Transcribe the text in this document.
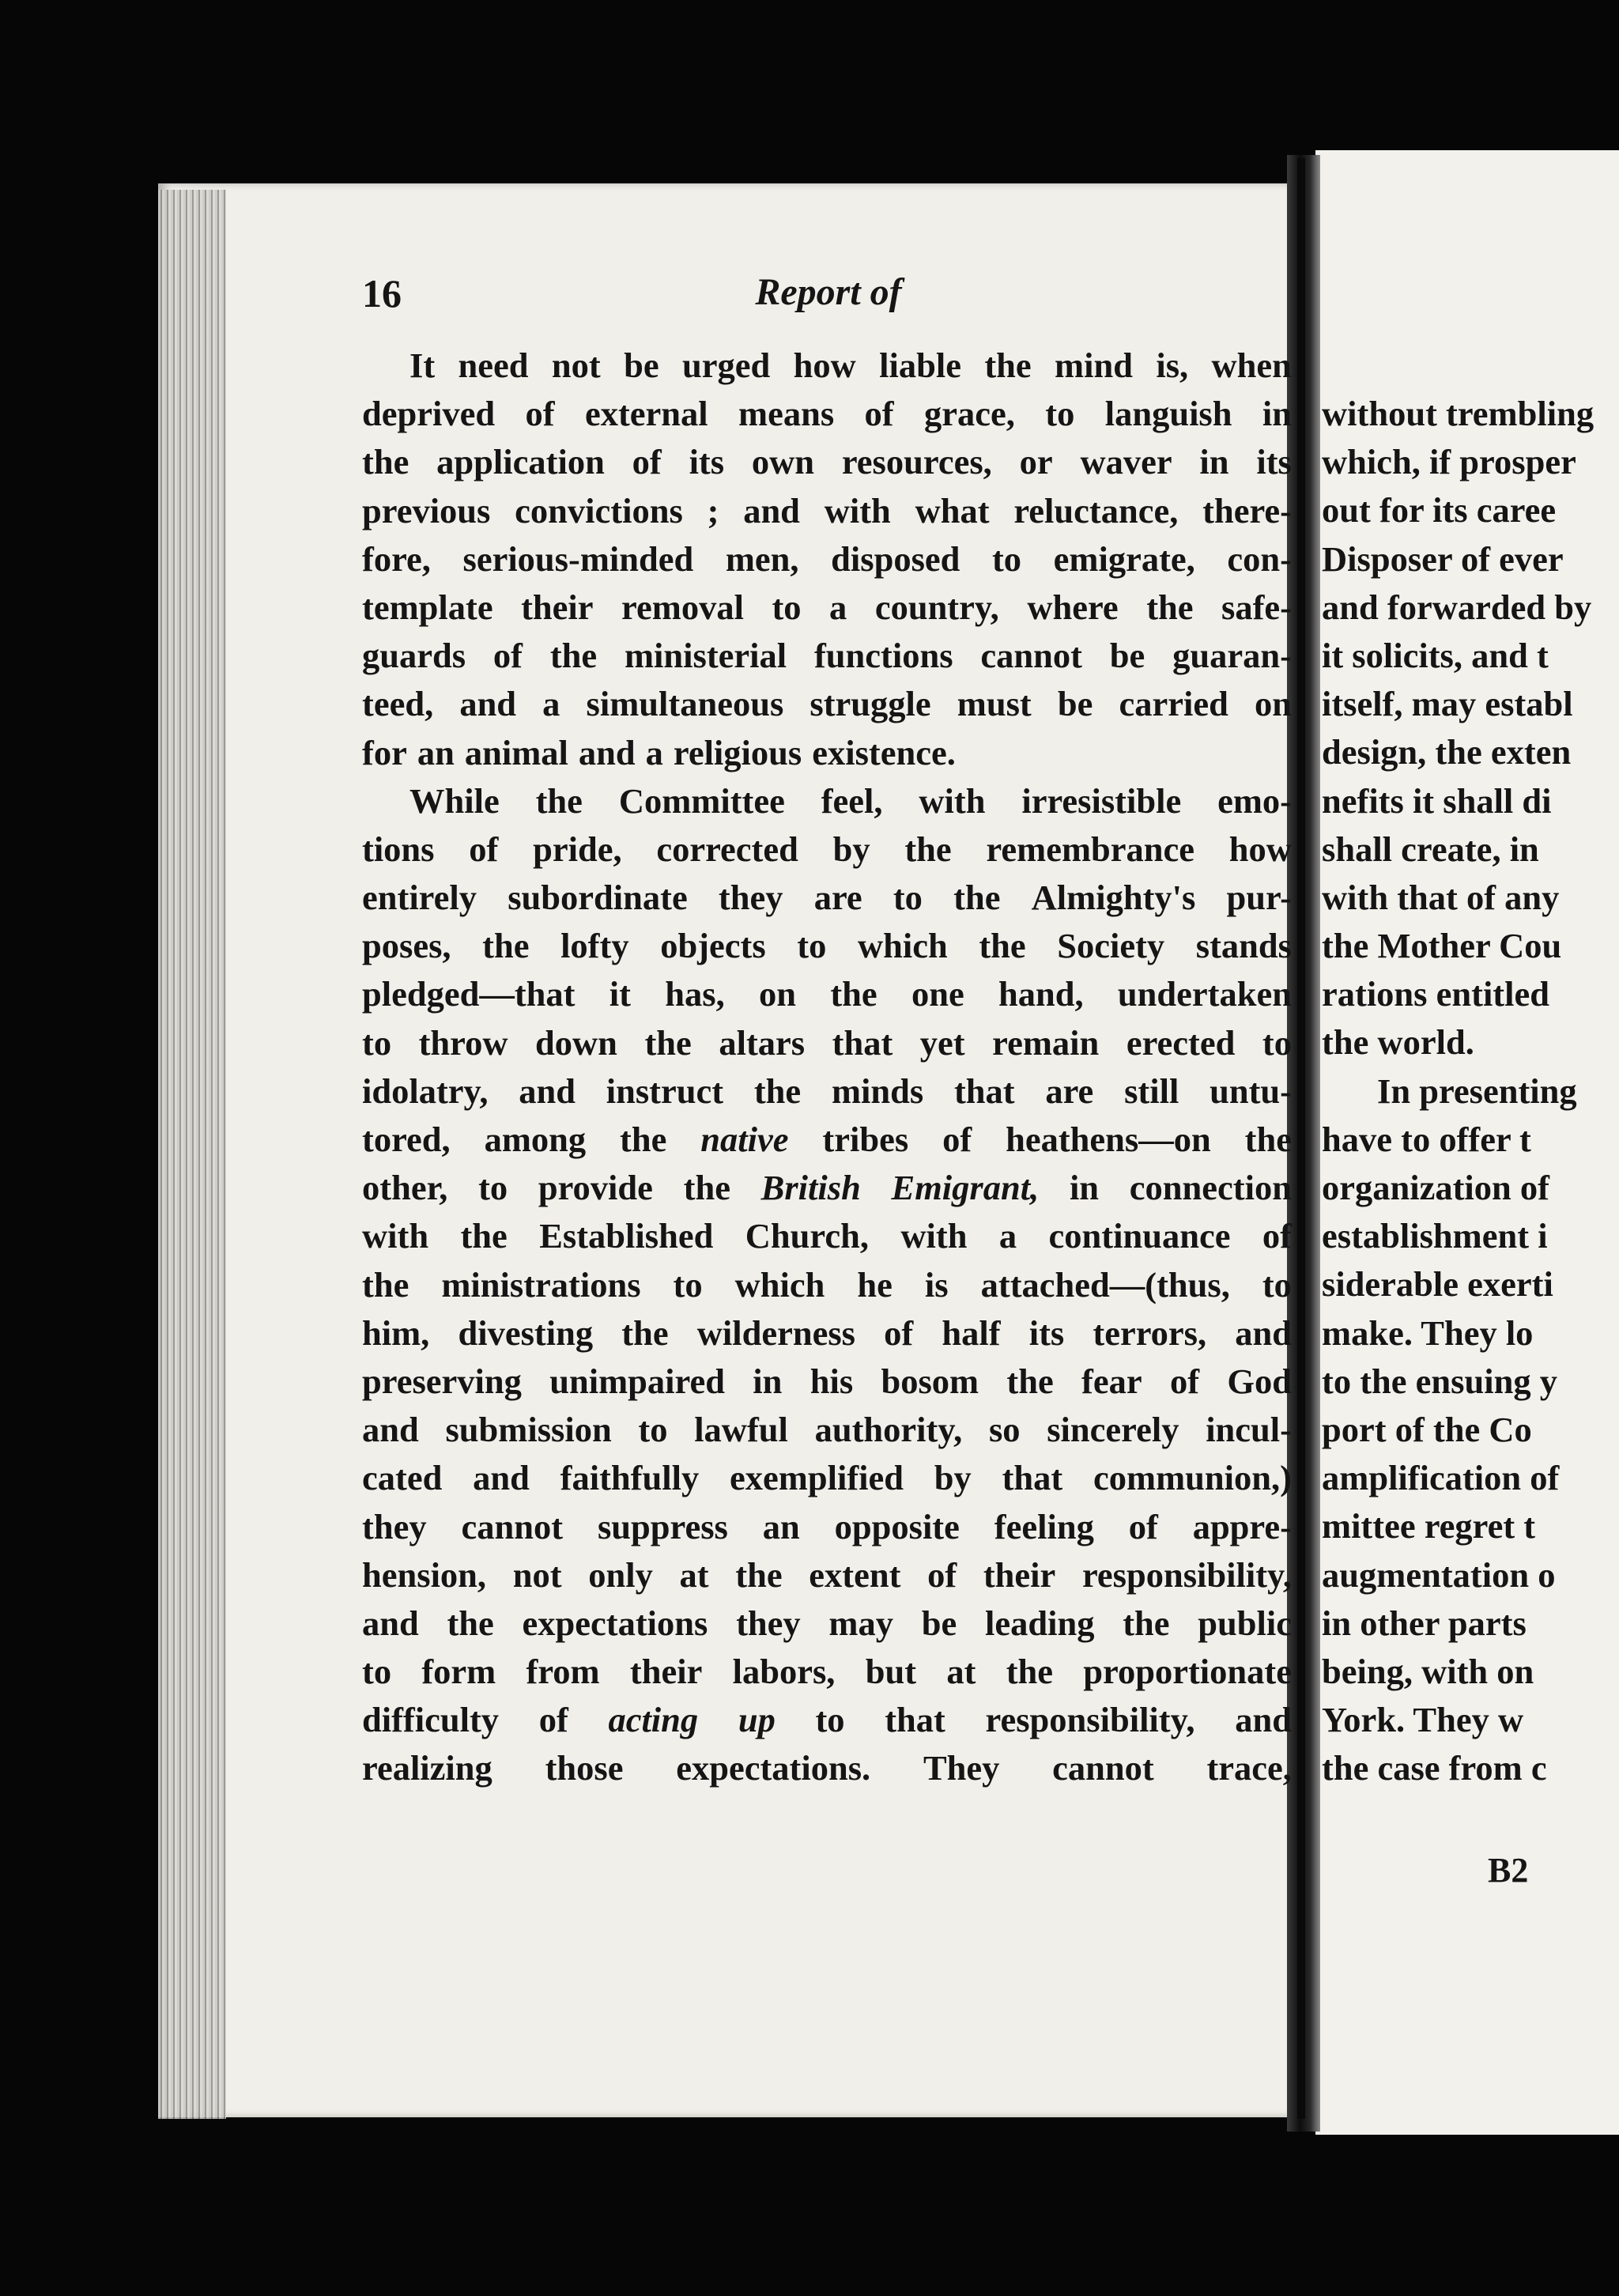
16	Report of
It need not be urged how liable the mind is, when
deprived of external means of grace, to languish in
the application of its own resources, or waver in its
previous convictions ; and with what reluctance, there-
fore, serious-minded men, disposed to emigrate, con-
template their removal to a country, where the safe-
guards of the ministerial functions cannot be guaran-
teed, and a simultaneous struggle must be carried on
for an animal and a religious existence.
While the Committee feel, with irresistible emo-
tions of pride, corrected by the remembrance how
entirely subordinate they are to the Almighty's pur-
poses, the lofty objects to which the Society stands
pledged—that it has, on the one hand, undertaken
to throw down the altars that yet remain erected to
idolatry, and instruct the minds that are still untu-
tored, among the native tribes of heathens—on the
other, to provide the British Emigrant, in connection
with the Established Church, with a continuance of
the ministrations to which he is attached—(thus, to
him, divesting the wilderness of half its terrors, and
preserving unimpaired in his bosom the fear of God
and submission to lawful authority, so sincerely incul-
cated and faithfully exemplified by that communion,)
they cannot suppress an opposite feeling of appre-
hension, not only at the extent of their responsibility,
and the expectations they may be leading the public
to form from their labors, but at the proportionate
difficulty of acting up to that responsibility, and
realizing those expectations. They cannot trace,
without trembling
which, if prosper
out for its caree
Disposer of ever
and forwarded by
it solicits, and t
itself, may establ
design, the exten
nefits it shall di
shall create, in
with that of any
the Mother Cou
rations entitled
the world.
In presenting
have to offer t
organization of
establishment i
siderable exerti
make. They lo
to the ensuing y
port of the Co
amplification of
mittee regret t
augmentation o
in other parts
being, with on
York. They w
the case from c
B2
